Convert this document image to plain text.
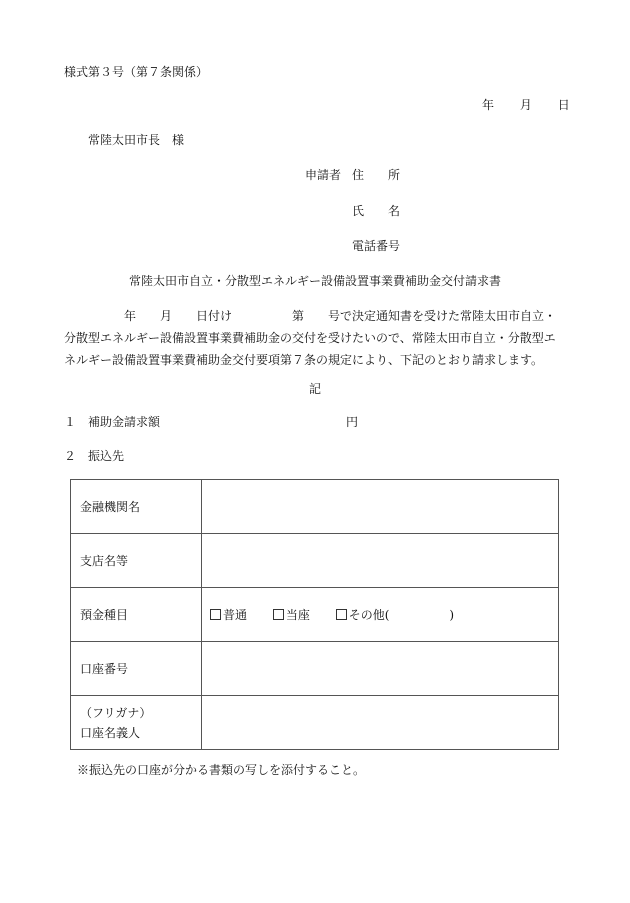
様式第３号（第７条関係）
年 月 日
常陸太田市長　様
申請者 住　　所
氏　　名
電話番号
常陸太田市自立・分散型エネルギー設備設置事業費補助金交付請求書
　　　　　年　　月　　日付け　　　　　第　　号で決定通知書を受けた常陸太田市自立・
分散型エネルギー設備設置事業費補助金の交付を受けたいので、常陸太田市自立・分散型エ
ネルギー設備設置事業費補助金交付要項第７条の規定により、下記のとおり請求します。
記
１　補助金請求額	円
２　振込先
金融機関名	
支店名等	
預金種目	普通 当座 その他(　　　　　)
口座番号	

（フリガナ）
口座名義人	

※振込先の口座が分かる書類の写しを添付すること。
